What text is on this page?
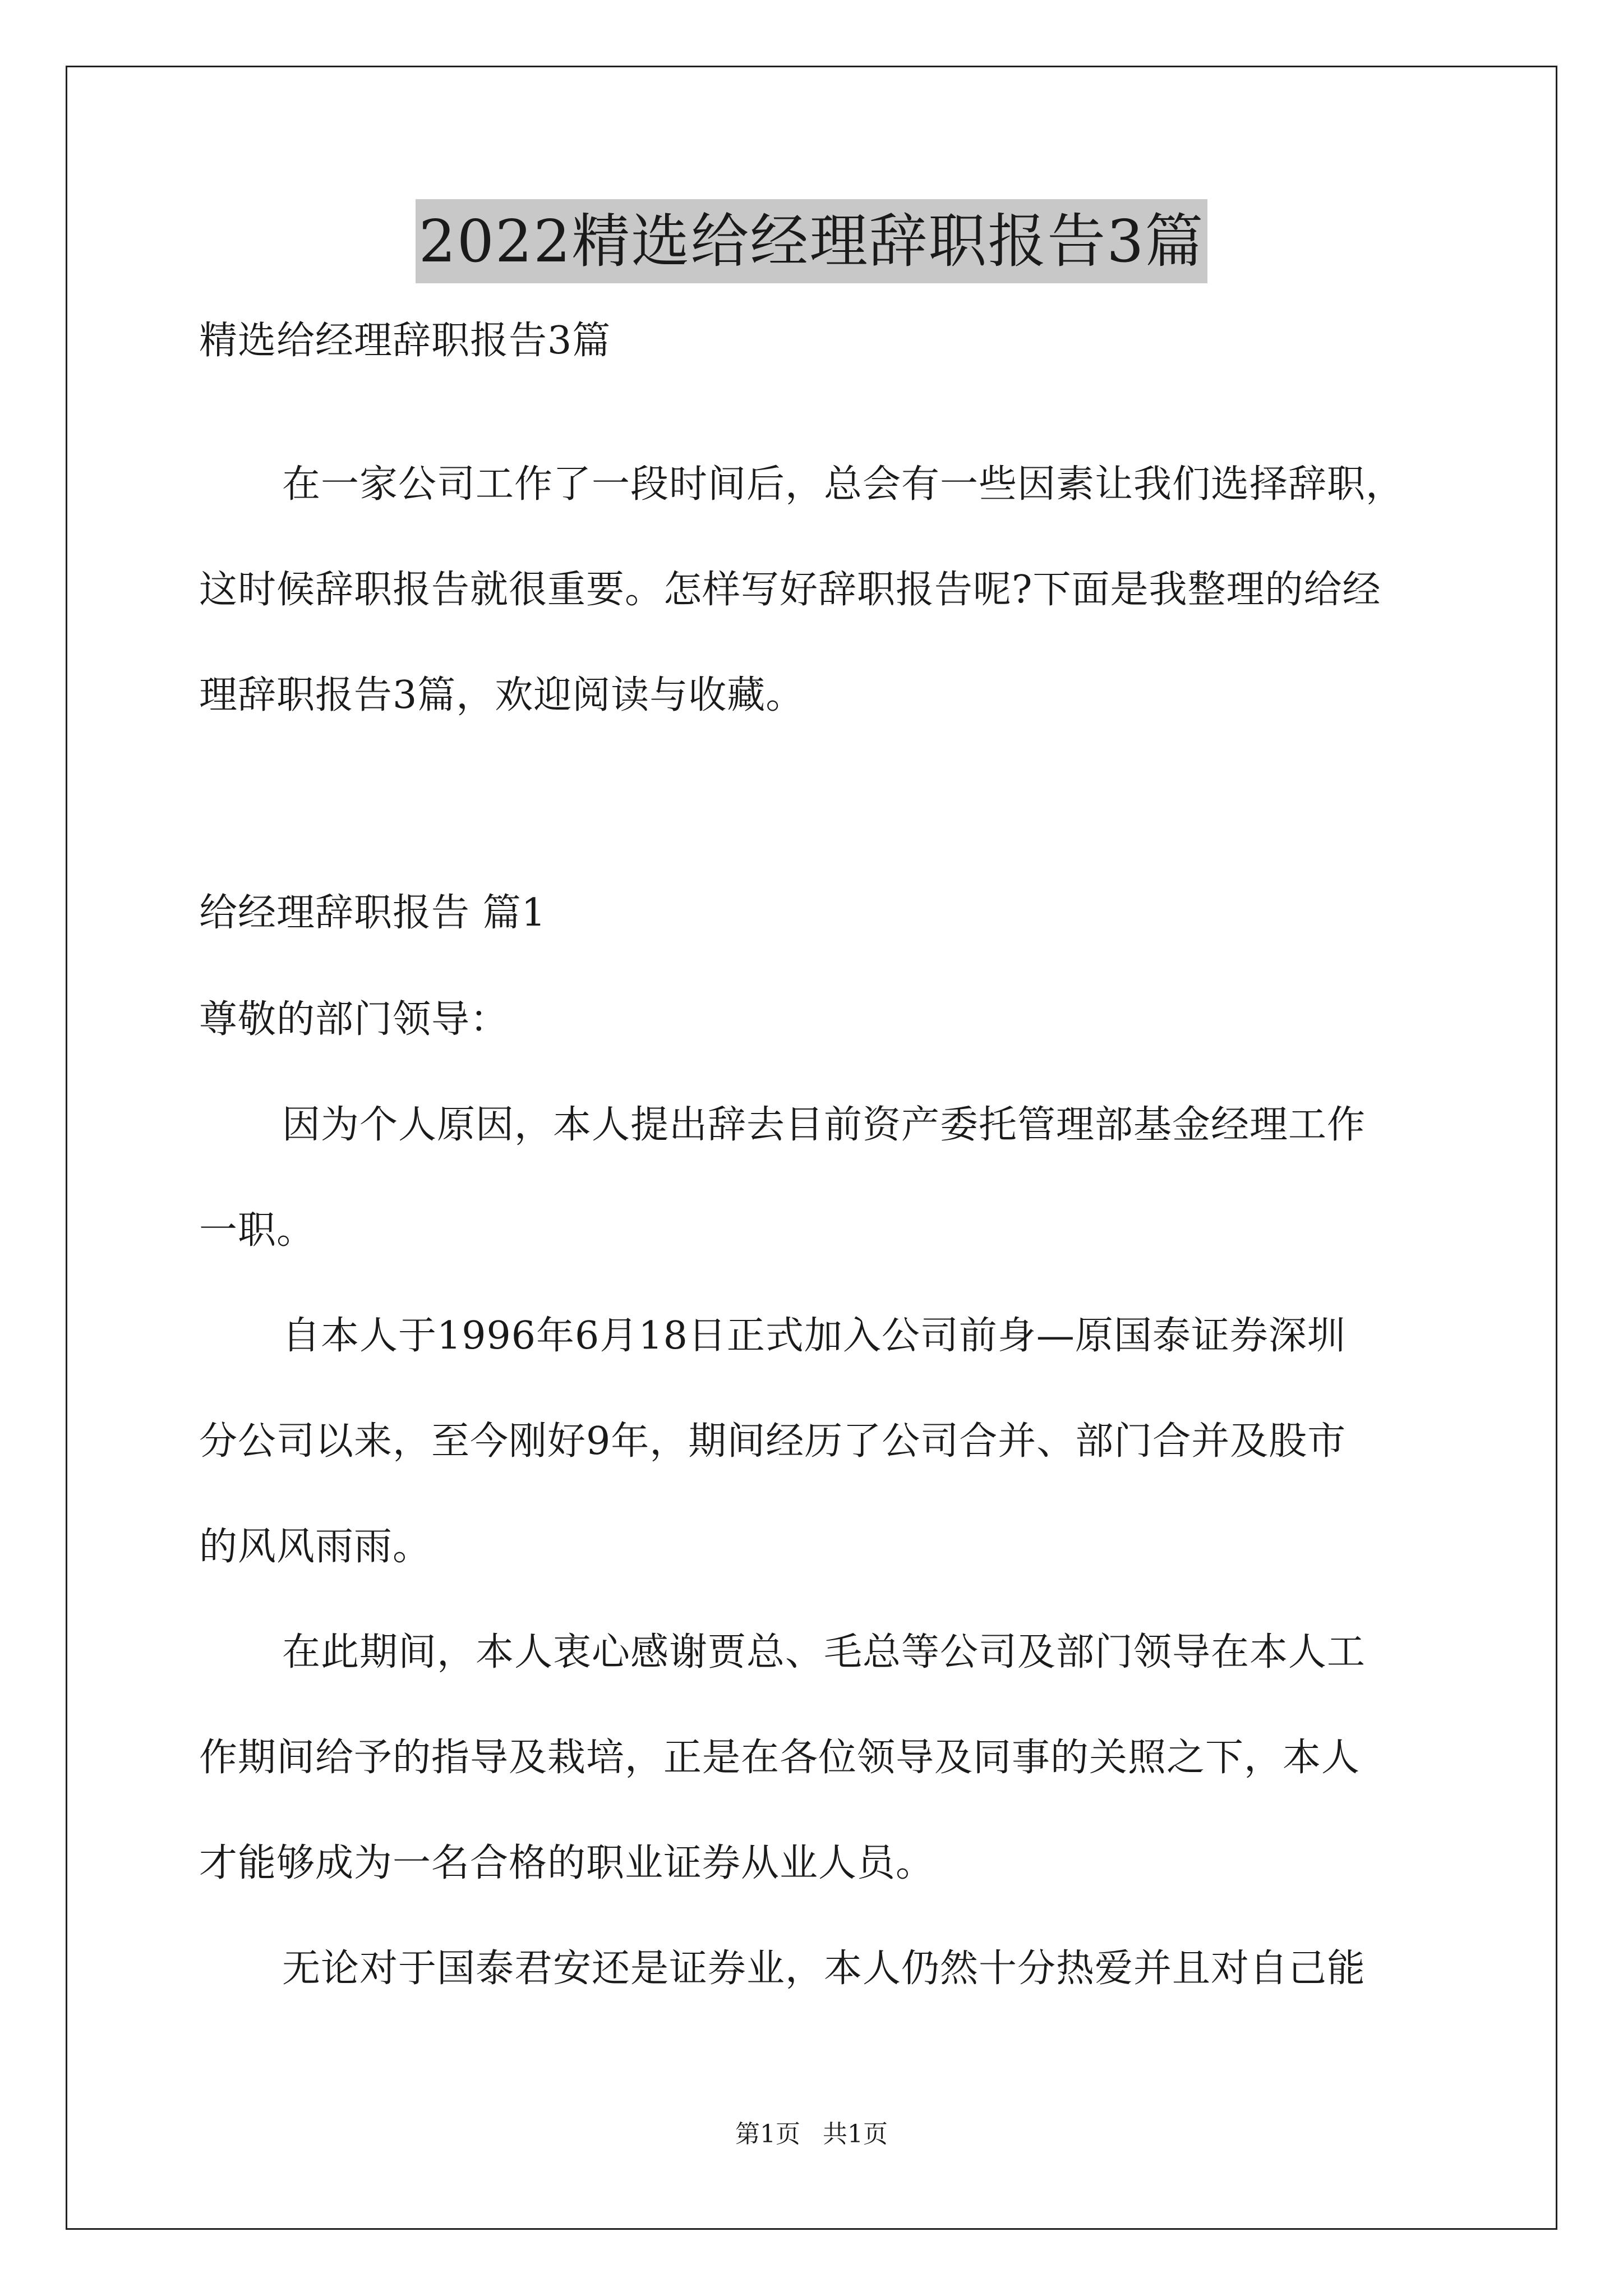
2022精选给经理辞职报告3篇
精选给经理辞职报告3篇
在一家公司工作了一段时间后，总会有一些因素让我们选择辞职，
这时候辞职报告就很重要。怎样写好辞职报告呢?下面是我整理的给经
理辞职报告3篇，欢迎阅读与收藏。
给经理辞职报告 篇1
尊敬的部门领导：
因为个人原因，本人提出辞去目前资产委托管理部基金经理工作
一职。
自本人于1996年6月18日正式加入公司前身—原国泰证券深圳
分公司以来，至今刚好9年，期间经历了公司合并、部门合并及股市
的风风雨雨。
在此期间，本人衷心感谢贾总、毛总等公司及部门领导在本人工
作期间给予的指导及栽培，正是在各位领导及同事的关照之下，本人
才能够成为一名合格的职业证券从业人员。
无论对于国泰君安还是证券业，本人仍然十分热爱并且对自己能
第1页 共1页
